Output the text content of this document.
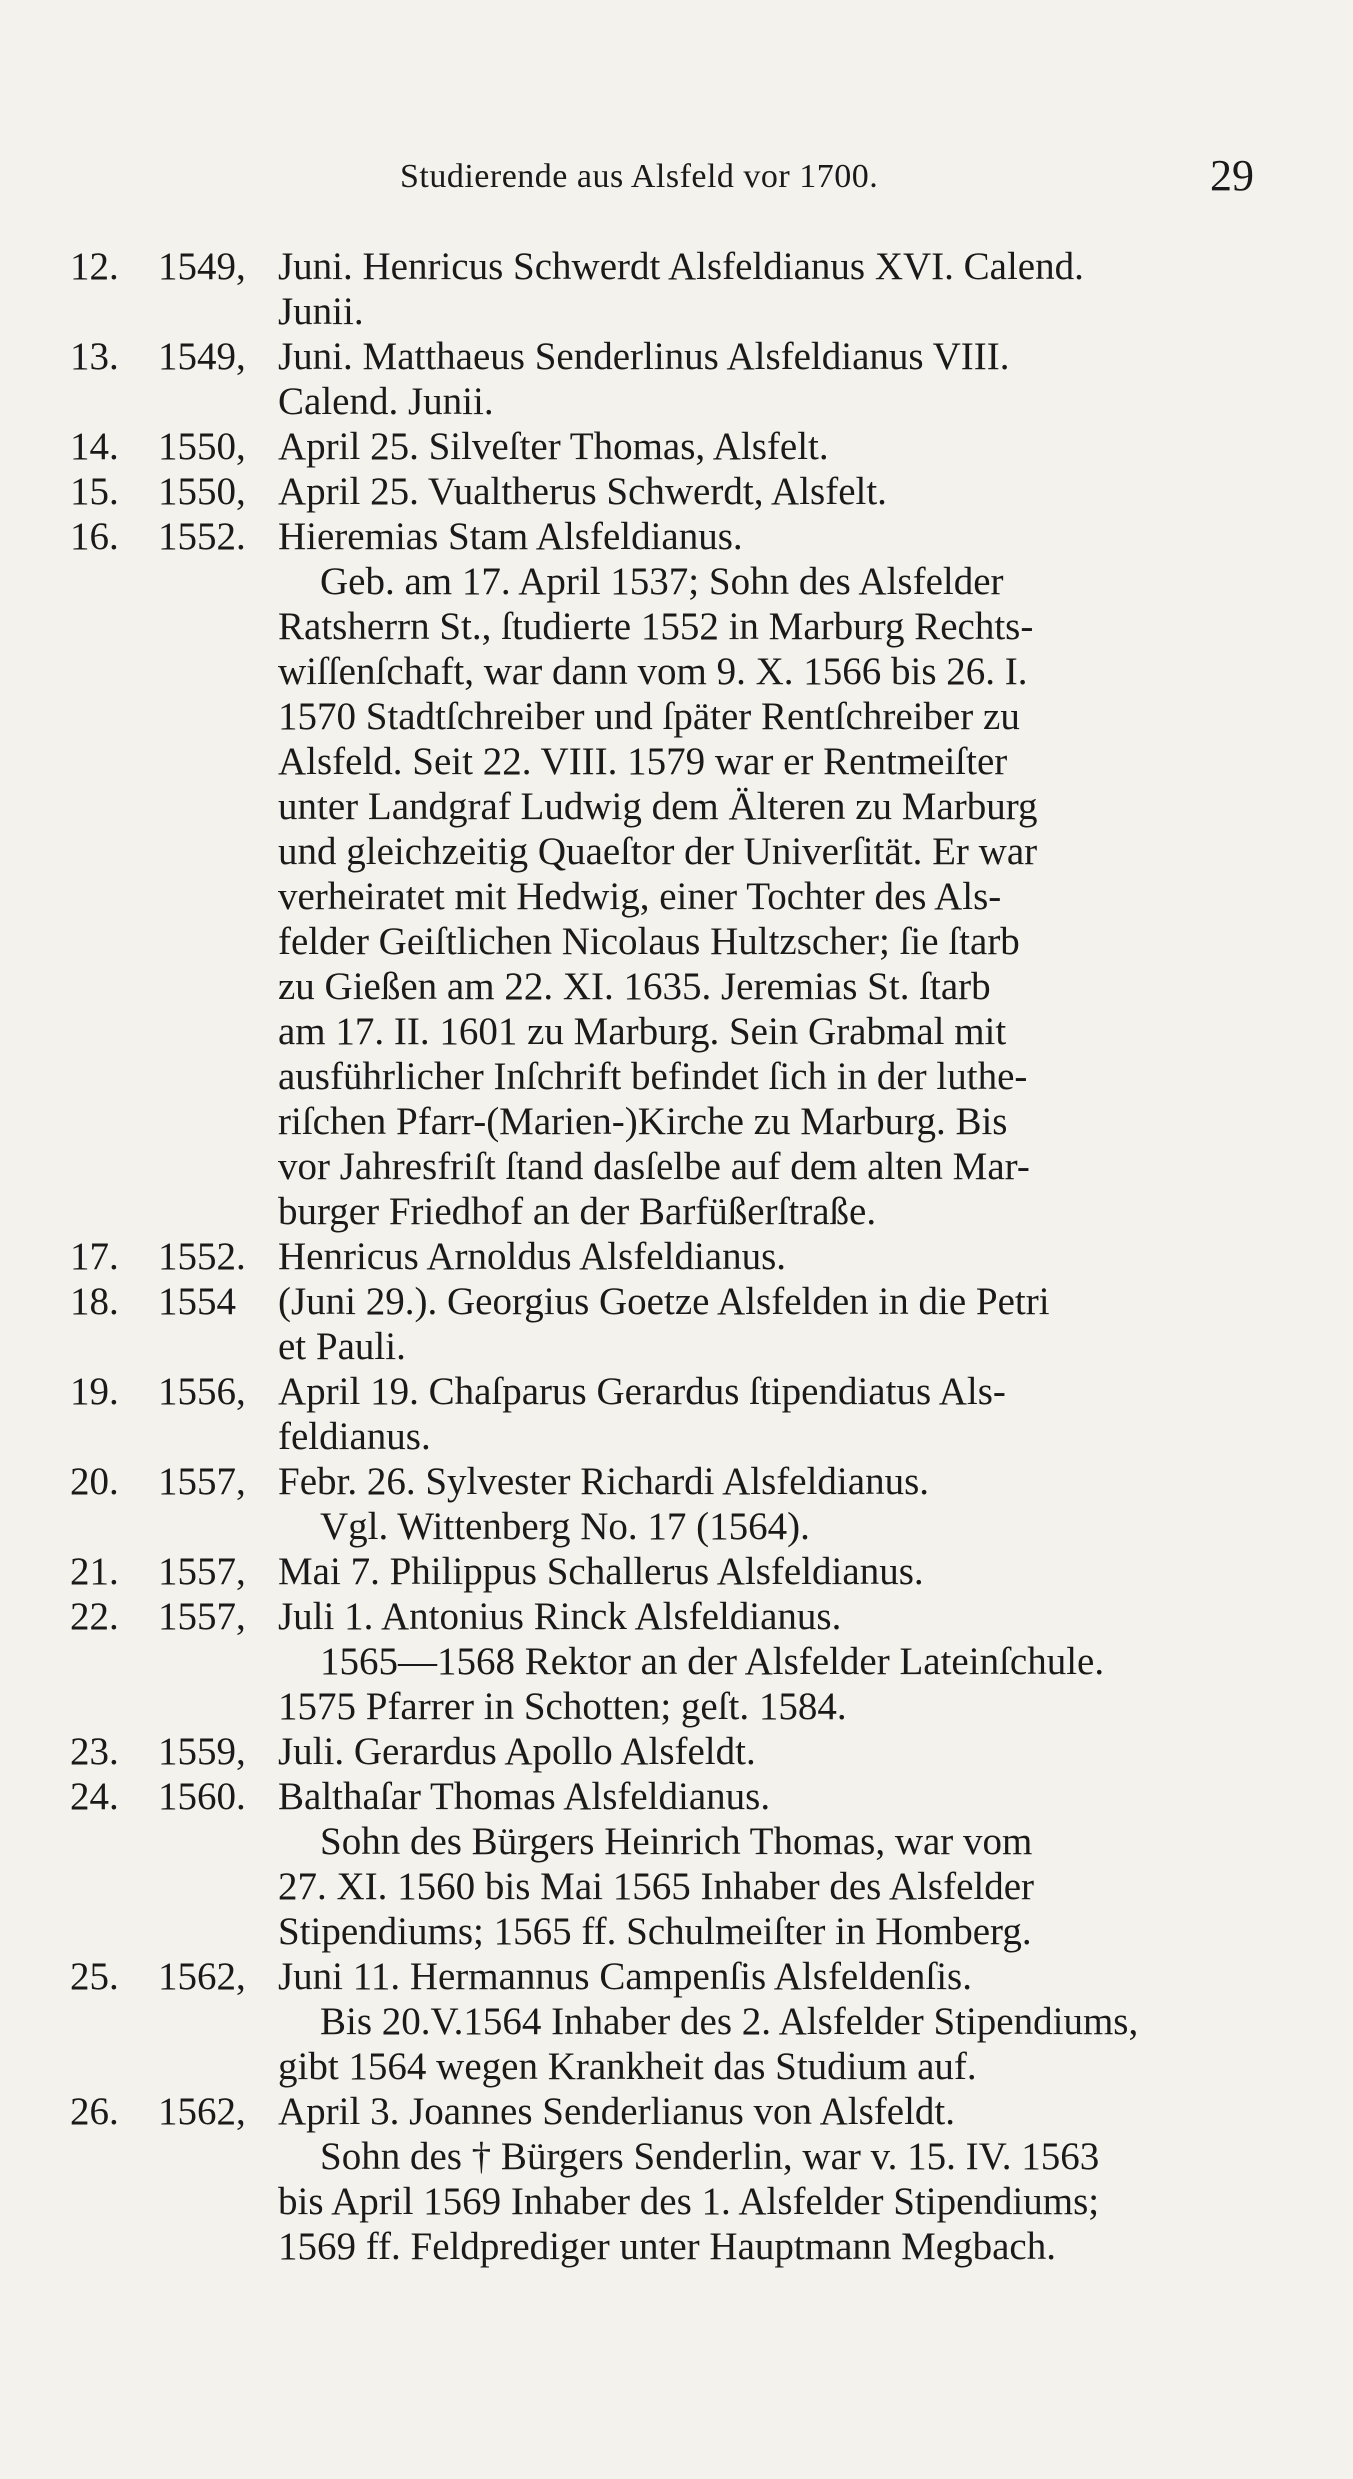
Studierende aus Alsfeld vor 1700.	29
12. 1549, Juni. Henricus Schwerdt Alsfeldianus XVI. Calend.
Junii.
13. 1549, Juni. Matthaeus Senderlinus Alsfeldianus VIII.
Calend. Junii.
14. 1550, April 25. Silveſter Thomas, Alsfelt.
15. 1550, April 25. Vualtherus Schwerdt, Alsfelt.
16. 1552. Hieremias Stam Alsfeldianus.
Geb. am 17. April 1537; Sohn des Alsfelder
Ratsherrn St., ſtudierte 1552 in Marburg Rechts-
wiſſenſchaft, war dann vom 9. X. 1566 bis 26. I.
1570 Stadtſchreiber und ſpäter Rentſchreiber zu
Alsfeld. Seit 22. VIII. 1579 war er Rentmeiſter
unter Landgraf Ludwig dem Älteren zu Marburg
und gleichzeitig Quaeſtor der Univerſität. Er war
verheiratet mit Hedwig, einer Tochter des Als-
felder Geiſtlichen Nicolaus Hultzscher; ſie ſtarb
zu Gießen am 22. XI. 1635. Jeremias St. ſtarb
am 17. II. 1601 zu Marburg. Sein Grabmal mit
ausführlicher Inſchrift befindet ſich in der luthe-
riſchen Pfarr-(Marien-)Kirche zu Marburg. Bis
vor Jahresfriſt ſtand dasſelbe auf dem alten Mar-
burger Friedhof an der Barfüßerſtraße.
17. 1552. Henricus Arnoldus Alsfeldianus.
18. 1554 (Juni 29.). Georgius Goetze Alsfelden in die Petri
et Pauli.
19. 1556, April 19. Chaſparus Gerardus ſtipendiatus Als-
feldianus.
20. 1557, Febr. 26. Sylvester Richardi Alsfeldianus.
Vgl. Wittenberg No. 17 (1564).
21. 1557, Mai 7. Philippus Schallerus Alsfeldianus.
22. 1557, Juli 1. Antonius Rinck Alsfeldianus.
1565—1568 Rektor an der Alsfelder Lateinſchule.
1575 Pfarrer in Schotten; geſt. 1584.
23. 1559, Juli. Gerardus Apollo Alsfeldt.
24. 1560. Balthaſar Thomas Alsfeldianus.
Sohn des Bürgers Heinrich Thomas, war vom
27. XI. 1560 bis Mai 1565 Inhaber des Alsfelder
Stipendiums; 1565 ff. Schulmeiſter in Homberg.
25. 1562, Juni 11. Hermannus Campenſis Alsfeldenſis.
Bis 20.V.1564 Inhaber des 2. Alsfelder Stipendiums,
gibt 1564 wegen Krankheit das Studium auf.
26. 1562, April 3. Joannes Senderlianus von Alsfeldt.
Sohn des † Bürgers Senderlin, war v. 15. IV. 1563
bis April 1569 Inhaber des 1. Alsfelder Stipendiums;
1569 ff. Feldprediger unter Hauptmann Megbach.
